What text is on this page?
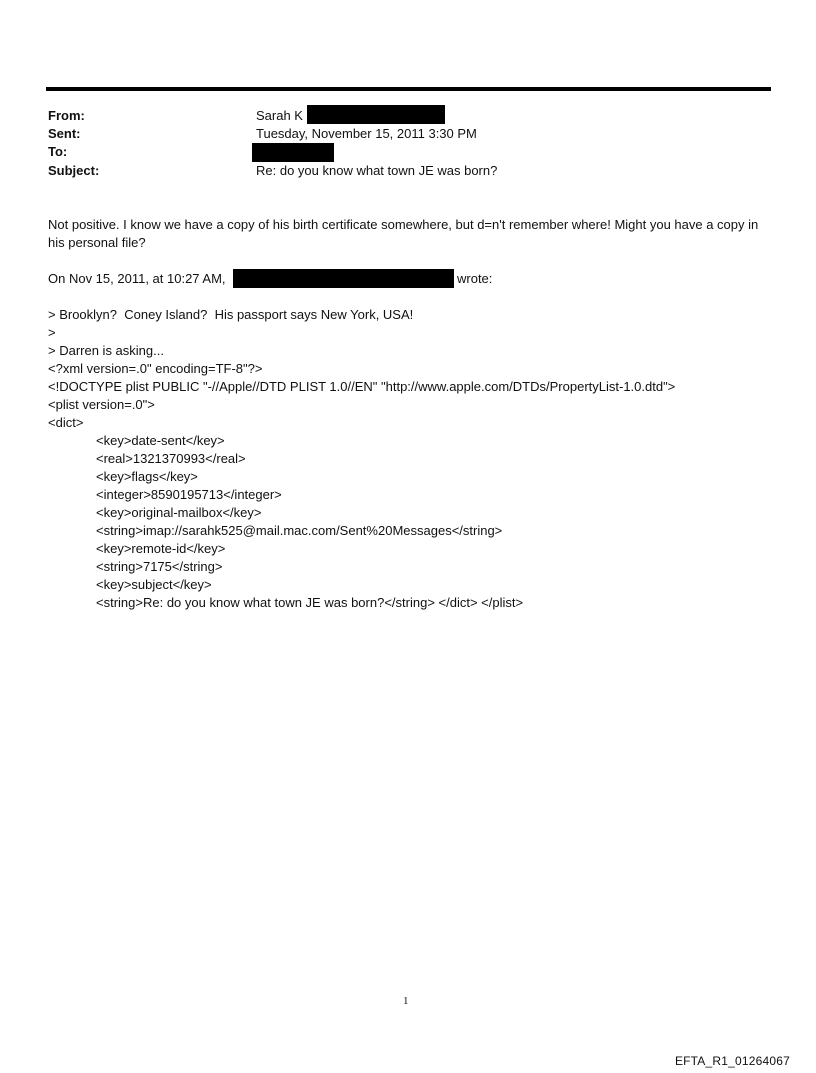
From:	Sarah K
Sent:	Tuesday, November 15, 2011 3:30 PM
To:
Subject:	Re: do you know what town JE was born?
Not positive. I know we have a copy of his birth certificate somewhere, but d=n't remember where! Might you have a copy in his personal file?
On Nov 15, 2011, at 10:27 AM,	wrote:
> Brooklyn?  Coney Island?  His passport says New York, USA!
>
> Darren is asking...
<?xml version=.0" encoding=TF-8"?>
<!DOCTYPE plist PUBLIC "-//Apple//DTD PLIST 1.0//EN" "http://www.apple.com/DTDs/PropertyList-1.0.dtd">
<plist version=.0">
<dict>
<key>date-sent</key>
<real>1321370993</real>
<key>flags</key>
<integer>8590195713</integer>
<key>original-mailbox</key>
<string>imap://sarahk525@mail.mac.com/Sent%20Messages</string>
<key>remote-id</key>
<string>7175</string>
<key>subject</key>
<string>Re: do you know what town JE was born?</string> </dict> </plist>
1
EFTA_R1_01264067
